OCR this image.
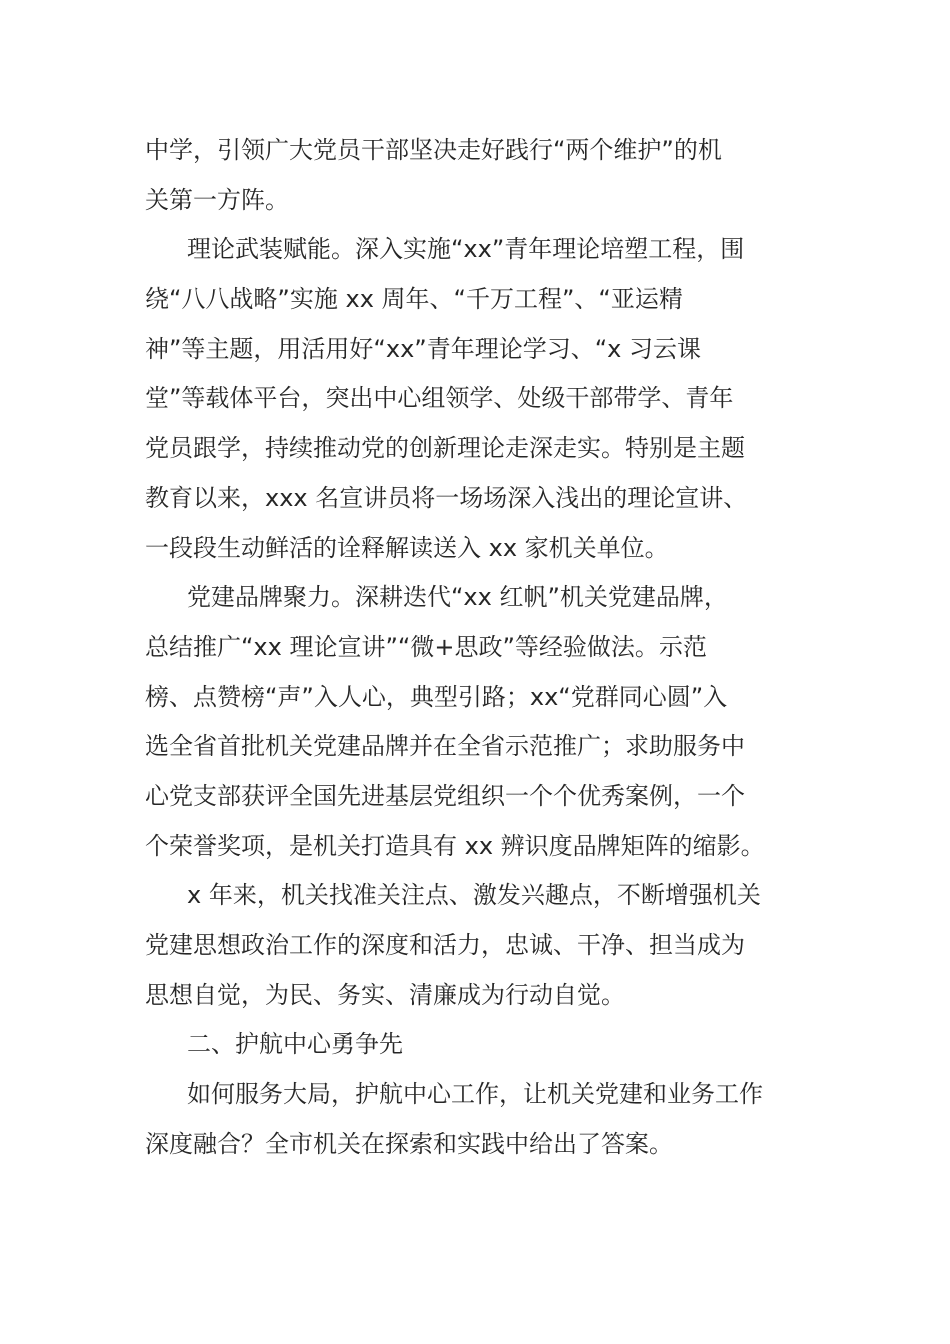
中学，引领广大党员干部坚决走好践行“两个维护”的机
关第一方阵。
理论武装赋能。深入实施“xx”青年理论培塑工程，围
绕“八八战略”实施 xx 周年、“千万工程”、“亚运精
神”等主题，用活用好“xx”青年理论学习、“x 习云课
堂”等载体平台，突出中心组领学、处级干部带学、青年
党员跟学，持续推动党的创新理论走深走实。特别是主题
教育以来，xxx 名宣讲员将一场场深入浅出的理论宣讲、
一段段生动鲜活的诠释解读送入 xx 家机关单位。
党建品牌聚力。深耕迭代“xx 红帆”机关党建品牌，
总结推广“xx 理论宣讲”“微+思政”等经验做法。示范
榜、点赞榜“声”入人心，典型引路；xx“党群同心圆”入
选全省首批机关党建品牌并在全省示范推广；求助服务中
心党支部获评全国先进基层党组织一个个优秀案例，一个
个荣誉奖项，是机关打造具有 xx 辨识度品牌矩阵的缩影。
x 年来，机关找准关注点、激发兴趣点，不断增强机关
党建思想政治工作的深度和活力，忠诚、干净、担当成为
思想自觉，为民、务实、清廉成为行动自觉。
二、护航中心勇争先
如何服务大局，护航中心工作，让机关党建和业务工作
深度融合？全市机关在探索和实践中给出了答案。
